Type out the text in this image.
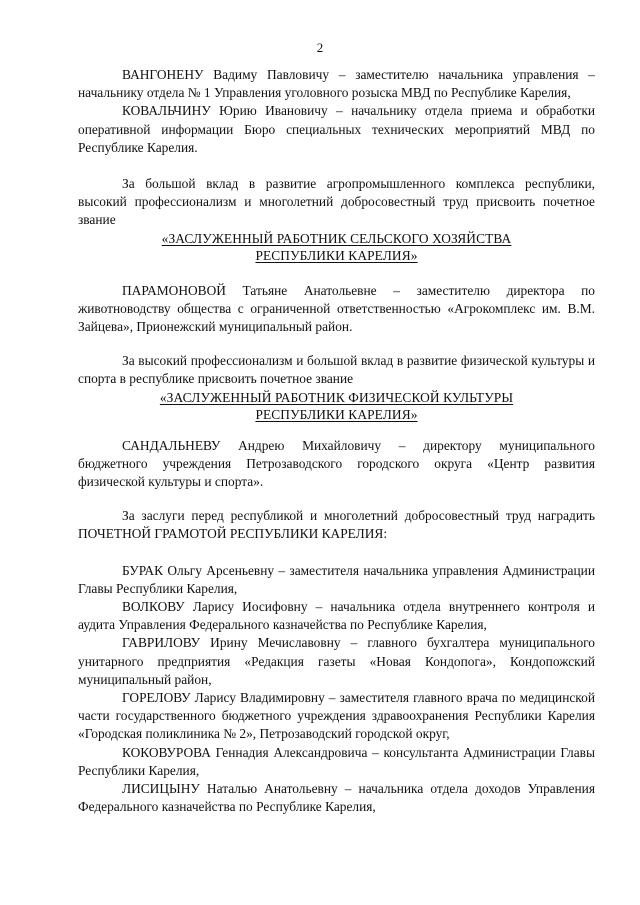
2

ВАНГОНЕНУ Вадиму Павловичу – заместителю начальника управления – начальнику отдела № 1 Управления уголовного розыска МВД по Республике Карелия,

КОВАЛЬЧИНУ Юрию Ивановичу – начальнику отдела приема и обработки оперативной информации Бюро специальных технических мероприятий МВД по Республике Карелия.

За большой вклад в развитие агропромышленного комплекса республики, высокий профессионализм и многолетний добросовестный труд присвоить почетное звание

«ЗАСЛУЖЕННЫЙ РАБОТНИК СЕЛЬСКОГО ХОЗЯЙСТВА

РЕСПУБЛИКИ КАРЕЛИЯ»

ПАРАМОНОВОЙ Татьяне Анатольевне – заместителю директора по животноводству общества с ограниченной ответственностью «Агрокомплекс им. В.М. Зайцева», Прионежский муниципальный район.

За высокий профессионализм и большой вклад в развитие физической культуры и спорта в республике присвоить почетное звание

«ЗАСЛУЖЕННЫЙ РАБОТНИК ФИЗИЧЕСКОЙ КУЛЬТУРЫ

РЕСПУБЛИКИ КАРЕЛИЯ»

САНДАЛЬНЕВУ Андрею Михайловичу – директору муниципального бюджетного учреждения Петрозаводского городского округа «Центр развития физической культуры и спорта».

За заслуги перед республикой и многолетний добросовестный труд наградить ПОЧЕТНОЙ ГРАМОТОЙ РЕСПУБЛИКИ КАРЕЛИЯ:

БУРАК Ольгу Арсеньевну – заместителя начальника управления Администрации Главы Республики Карелия,

ВОЛКОВУ Ларису Иосифовну – начальника отдела внутреннего контроля и аудита Управления Федерального казначейства по Республике Карелия,

ГАВРИЛОВУ Ирину Мечиславовну – главного бухгалтера муниципального унитарного предприятия «Редакция газеты «Новая Кондопога», Кондопожский муниципальный район,

ГОРЕЛОВУ Ларису Владимировну – заместителя главного врача по медицинской части государственного бюджетного учреждения здравоохранения Республики Карелия «Городская поликлиника № 2», Петрозаводский городской округ,

КОКОВУРОВА Геннадия Александровича – консультанта Администрации Главы Республики Карелия,

ЛИСИЦЫНУ Наталью Анатольевну – начальника отдела доходов Управления Федерального казначейства по Республике Карелия,
